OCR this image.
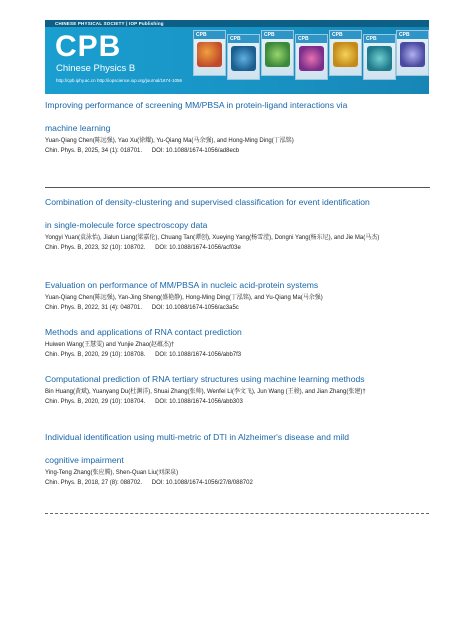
CHINESE PHYSICAL SOCIETY | IOP Publishing
CPB
Chinese Physics B
http://cpb.iphy.ac.cn http://iopscience.iop.org/journal/1674-1056
CPB
CPB
CPB
CPB
CPB
CPB
CPB
Improving performance of screening MM/PBSA in protein-ligand interactions via
machine learning
Yuan-Qiang Chen(陈远强), Yao Xu(徐耀), Yu-Qiang Ma(马余强), and Hong-Ming Ding(丁泓铭)
Chin. Phys. B, 2025, 34 (1): 018701. DOI: 10.1088/1674-1056/ad8ecb
Combination of density-clustering and supervised classification for event identification
in single-molecule force spectroscopy data
Yongyi Yuan(袁泳怡), Jialun Liang(梁嘉伦), Chuang Tan(谭创), Xueying Yang(杨雪滢), Dongni Yang(杨东尼), and Jie Ma(马杰)
Chin. Phys. B, 2023, 32 (10): 108702. DOI: 10.1088/1674-1056/acf03e
Evaluation on performance of MM/PBSA in nucleic acid-protein systems
Yuan-Qiang Chen(陈远强), Yan-Jing Sheng(盛艳静), Hong-Ming Ding(丁泓铭), and Yu-Qiang Ma(马余强)
Chin. Phys. B, 2022, 31 (4): 048701. DOI: 10.1088/1674-1056/ac3a5c
Methods and applications of RNA contact prediction
Huiwen Wang(王慧雯) and Yunjie Zhao(赵蕴杰)†
Chin. Phys. B, 2020, 29 (10): 108708. DOI: 10.1088/1674-1056/abb7f3
Computational prediction of RNA tertiary structures using machine learning methods
Bin Huang(黄斌), Yuanyang Du(杜渊洋), Shuai Zhang(张帅), Wenfei Li(李文飞), Jun Wang (王骏), and Jian Zhang(张建)†
Chin. Phys. B, 2020, 29 (10): 108704. DOI: 10.1088/1674-1056/abb303
Individual identification using multi-metric of DTI in Alzheimer's disease and mild
cognitive impairment
Ying-Teng Zhang(张应腾), Shen-Quan Liu(刘深泉)
Chin. Phys. B, 2018, 27 (8): 088702. DOI: 10.1088/1674-1056/27/8/088702
